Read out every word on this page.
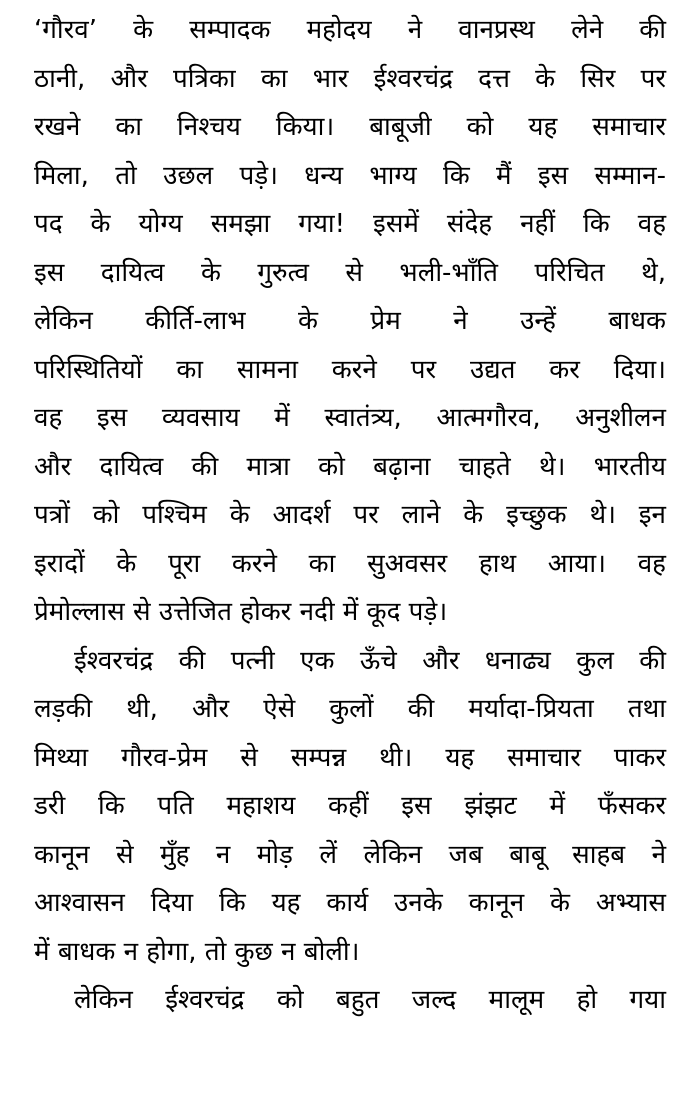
‘गौरव’ के सम्पादक महोदय ने वानप्रस्थ लेने की
ठानी, और पत्रिका का भार ईश्वरचंद्र दत्त के सिर पर
रखने का निश्चय किया। बाबूजी को यह समाचार
मिला, तो उछल पड़े। धन्य भाग्य कि मैं इस सम्मान-
पद के योग्य समझा गया! इसमें संदेह नहीं कि वह
इस दायित्व के गुरुत्व से भली-भाँति परिचित थे,
लेकिन कीर्ति-लाभ के प्रेम ने उन्हें बाधक
परिस्थितियों का सामना करने पर उद्यत कर दिया।
वह इस व्यवसाय में स्वातंत्र्य, आत्मगौरव, अनुशीलन
और दायित्व की मात्रा को बढ़ाना चाहते थे। भारतीय
पत्रों को पश्चिम के आदर्श पर लाने के इच्छुक थे। इन
इरादों के पूरा करने का सुअवसर हाथ आया। वह
प्रेमोल्लास से उत्तेजित होकर नदी में कूद पड़े।
ईश्वरचंद्र की पत्नी एक ऊँचे और धनाढ्य कुल की
लड़की थी, और ऐसे कुलों की मर्यादा-प्रियता तथा
मिथ्या गौरव-प्रेम से सम्पन्न थी। यह समाचार पाकर
डरी कि पति महाशय कहीं इस झंझट में फँसकर
कानून से मुँह न मोड़ लें लेकिन जब बाबू साहब ने
आश्वासन दिया कि यह कार्य उनके कानून के अभ्यास
में बाधक न होगा, तो कुछ न बोली।
लेकिन ईश्वरचंद्र को बहुत जल्द मालूम हो गया
